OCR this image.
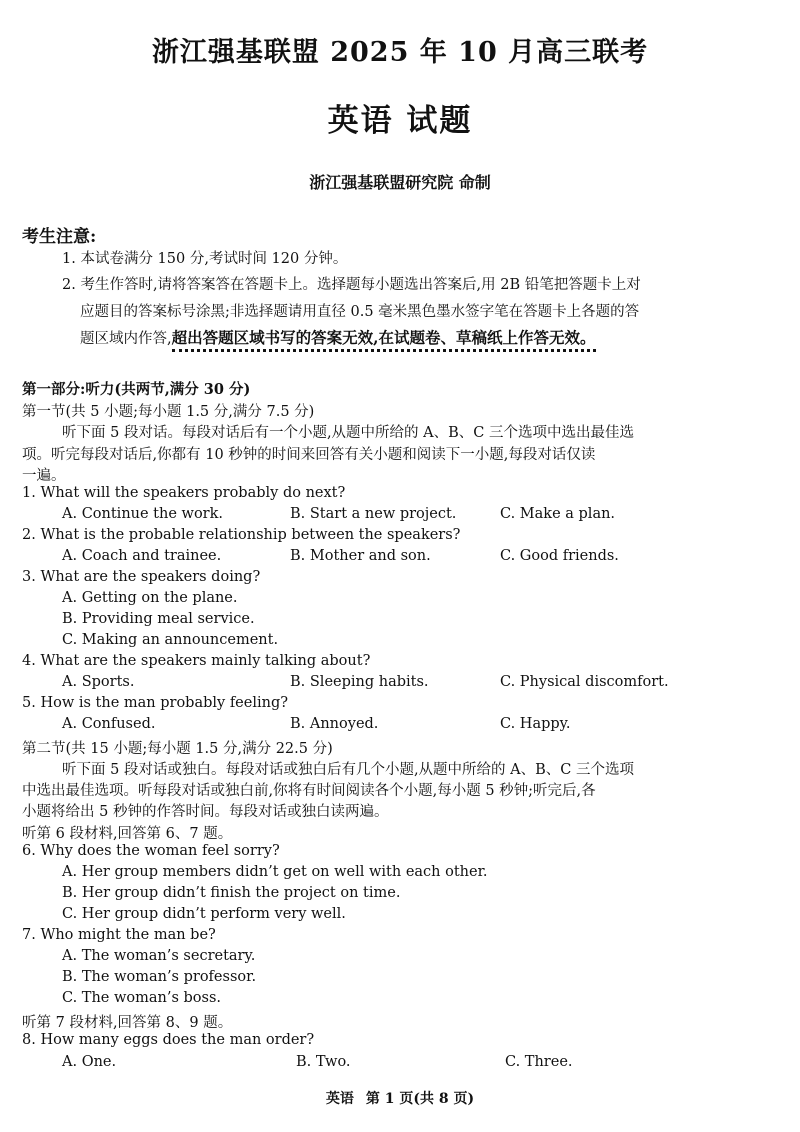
浙江强基联盟 2025 年 10 月高三联考
英语 试题
浙江强基联盟研究院 命制
考生注意:
1. 本试卷满分 150 分,考试时间 120 分钟。
2. 考生作答时,请将答案答在答题卡上。选择题每小题选出答案后,用 2B 铅笔把答题卡上对
应题目的答案标号涂黑;非选择题请用直径 0.5 毫米黑色墨水签字笔在答题卡上各题的答
题区域内作答,超出答题区域书写的答案无效,在试题卷、草稿纸上作答无效。
第一部分:听力(共两节,满分 30 分)
第一节(共 5 小题;每小题 1.5 分,满分 7.5 分)
听下面 5 段对话。每段对话后有一个小题,从题中所给的 A、B、C 三个选项中选出最佳选
项。听完每段对话后,你都有 10 秒钟的时间来回答有关小题和阅读下一小题,每段对话仅读
一遍。
1. What will the speakers probably do next?
A. Continue the work.	B. Start a new project.	C. Make a plan.
2. What is the probable relationship between the speakers?
A. Coach and trainee.	B. Mother and son.	C. Good friends.
3. What are the speakers doing?
A. Getting on the plane.
B. Providing meal service.
C. Making an announcement.
4. What are the speakers mainly talking about?
A. Sports.	B. Sleeping habits.	C. Physical discomfort.
5. How is the man probably feeling?
A. Confused.	B. Annoyed.	C. Happy.
第二节(共 15 小题;每小题 1.5 分,满分 22.5 分)
听下面 5 段对话或独白。每段对话或独白后有几个小题,从题中所给的 A、B、C 三个选项
中选出最佳选项。听每段对话或独白前,你将有时间阅读各个小题,每小题 5 秒钟;听完后,各
小题将给出 5 秒钟的作答时间。每段对话或独白读两遍。
听第 6 段材料,回答第 6、7 题。
6. Why does the woman feel sorry?
A. Her group members didn’t get on well with each other.
B. Her group didn’t finish the project on time.
C. Her group didn’t perform very well.
7. Who might the man be?
A. The woman’s secretary.
B. The woman’s professor.
C. The woman’s boss.
听第 7 段材料,回答第 8、9 题。
8. How many eggs does the man order?
A. One.	B. Two.	C. Three.
英语 第 1 页(共 8 页)
